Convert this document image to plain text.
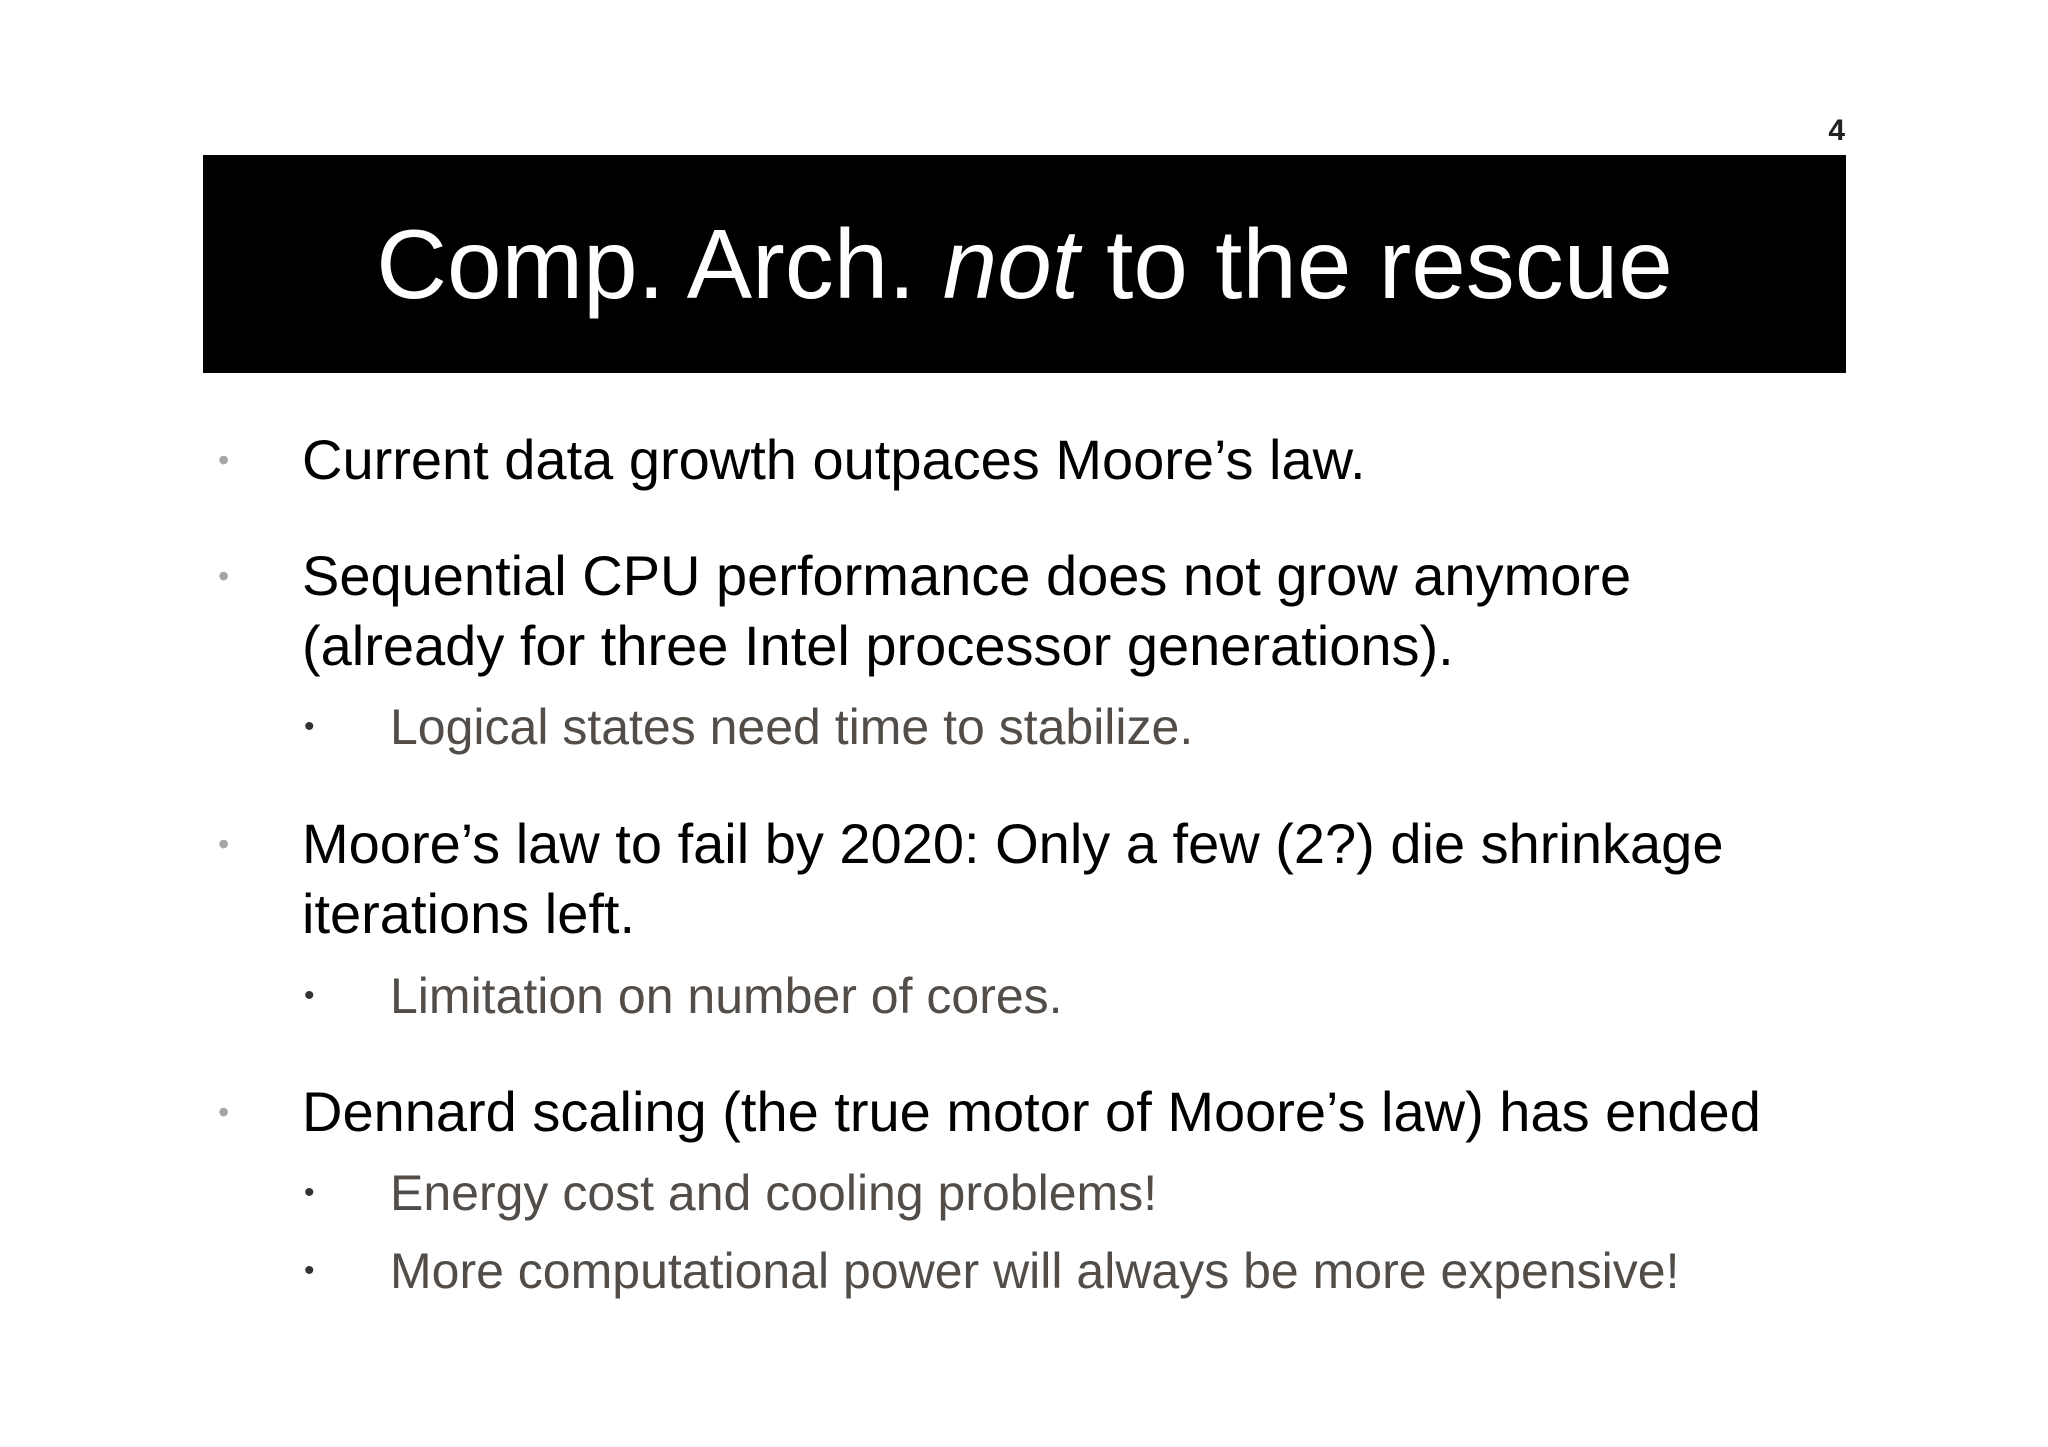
4
Comp. Arch. not to the rescue
• Current data growth outpaces Moore’s law.
• Sequential CPU performance does not grow anymore
(already for three Intel processor generations).
• Logical states need time to stabilize.
• Moore’s law to fail by 2020: Only a few (2?) die shrinkage
iterations left.
• Limitation on number of cores.
• Dennard scaling (the true motor of Moore’s law) has ended
• Energy cost and cooling problems!
• More computational power will always be more expensive!
